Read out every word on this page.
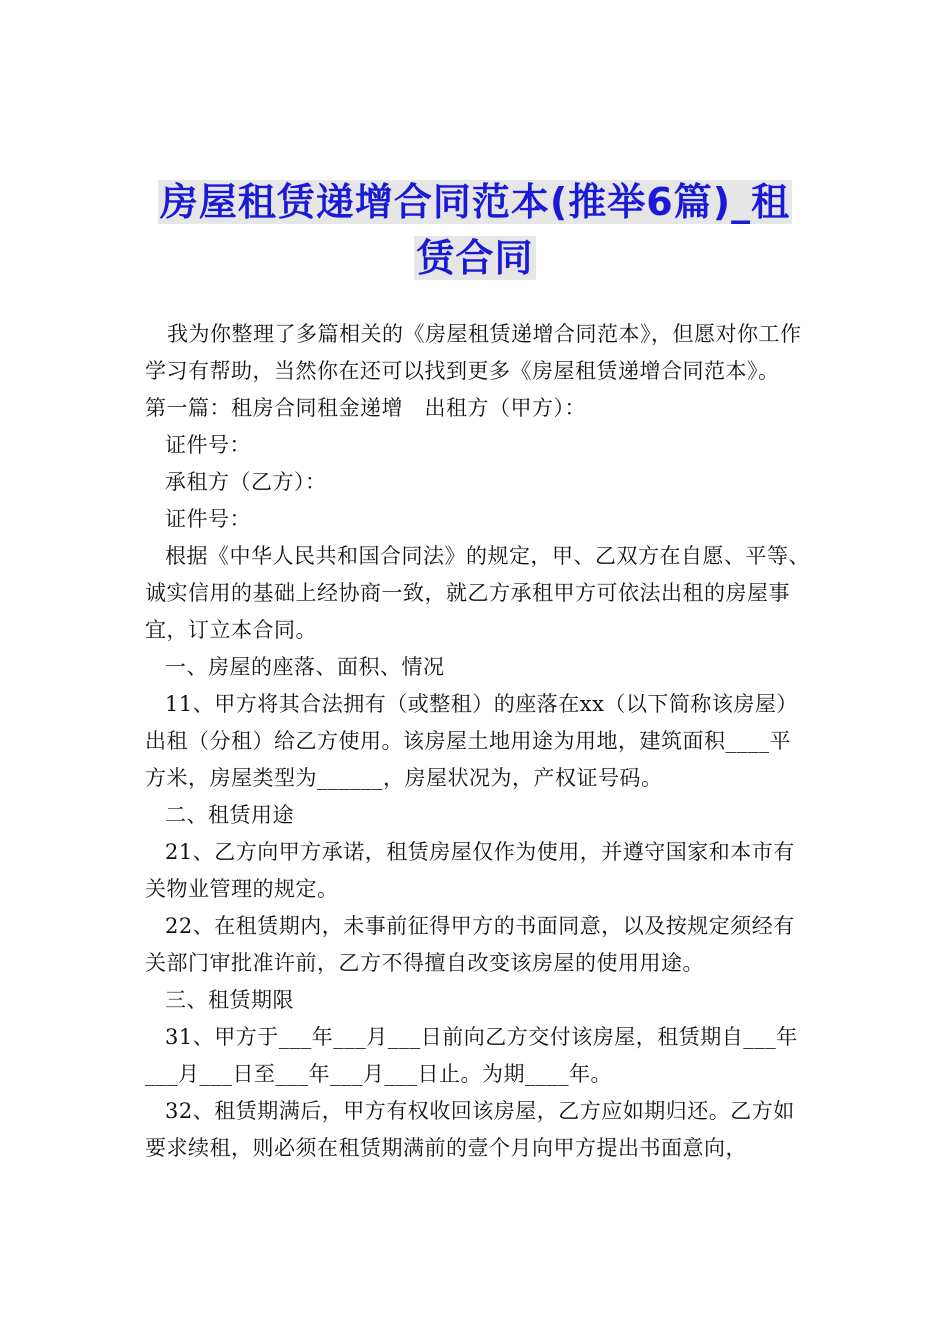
房屋租赁递增合同范本(推举6篇)_租
赁合同

我为你整理了多篇相关的《房屋租赁递增合同范本》，但愿对你工作学习有帮助，当然你在还可以找到更多《房屋租赁递增合同范本》。

第一篇：租房合同租金递增　出租方（甲方）：

证件号：

承租方（乙方）：

证件号：

根据《中华人民共和国合同法》的规定，甲、乙双方在自愿、平等、诚实信用的基础上经协商一致，就乙方承租甲方可依法出租的房屋事宜，订立本合同。

一、房屋的座落、面积、情况

11、甲方将其合法拥有（或整租）的座落在xx（以下简称该房屋）出租（分租）给乙方使用。该房屋土地用途为用地，建筑面积____平方米，房屋类型为______，房屋状况为，产权证号码。

二、租赁用途

21、乙方向甲方承诺，租赁房屋仅作为使用，并遵守国家和本市有关物业管理的规定。

22、在租赁期内，未事前征得甲方的书面同意，以及按规定须经有关部门审批准许前，乙方不得擅自改变该房屋的使用用途。

三、租赁期限

31、甲方于___年___月___日前向乙方交付该房屋，租赁期自___年___月___日至___年___月___日止。为期____年。

32、租赁期满后，甲方有权收回该房屋，乙方应如期归还。乙方如要求续租，则必须在租赁期满前的壹个月向甲方提出书面意向，
